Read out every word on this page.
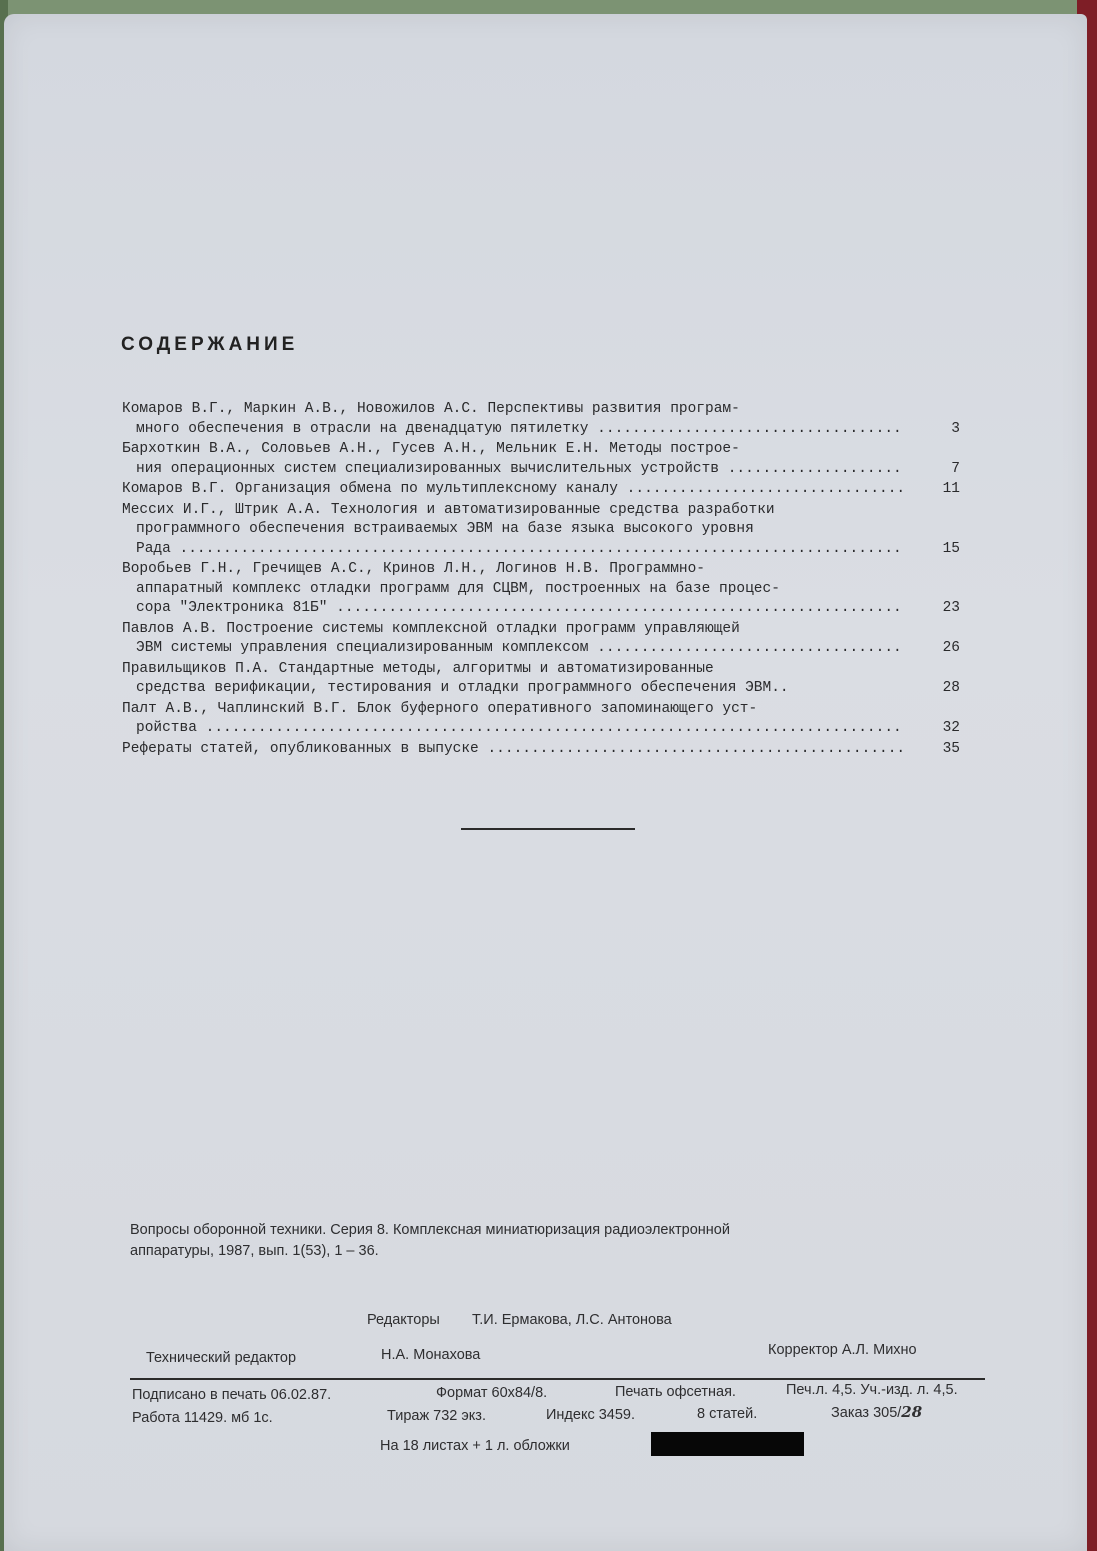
СОДЕРЖАНИЕ
Комаров В.Г., Маркин А.В., Новожилов А.С. Перспективы развития програм-
много обеспечения в отрасли на двенадцатую пятилетку .....	3
Бархоткин В.А., Соловьев А.Н., Гусев А.Н., Мельник Е.Н. Методы построе-
ния операционных систем специализированных вычислительных устройств .....	7
Комаров В.Г. Организация обмена по мультиплексному каналу .....	11
Мессих И.Г., Штрик А.А. Технология и автоматизированные средства разработки
программного обеспечения встраиваемых ЭВМ на базе языка высокого уровня
Рада .....	15
Воробьев Г.Н., Гречищев А.С., Кринов Л.Н., Логинов Н.В. Программно-
аппаратный комплекс отладки программ для СЦВМ, построенных на базе процес-
сора "Электроника 81Б" .....	23
Павлов А.В. Построение системы комплексной отладки программ управляющей
ЭВМ системы управления специализированным комплексом .....	26
Правильщиков П.А. Стандартные методы, алгоритмы и автоматизированные
средства верификации, тестирования и отладки программного обеспечения ЭВМ..	28
Палт А.В., Чаплинский В.Г. Блок буферного оперативного запоминающего уст-
ройства .....	32
Рефераты статей, опубликованных в выпуске .....	35
Вопросы оборонной техники. Серия 8. Комплексная миниатюризация радиоэлектронной
аппаратуры, 1987, вып. 1(53), 1 – 36.
Редакторы Т.И. Ермакова, Л.С. Антонова
Технический редактор	Н.А. Монахова	Корректор А.Л. Михно
Подписано в печать 06.02.87.	Формат 60х84/8.	Печать офсетная.	Печ.л. 4,5. Уч.-изд. л. 4,5.
Работа 11429. мб 1с.	Тираж 732 экз.	Индекс 3459.	8 статей.	Заказ 305/28
На 18 листах + 1 л. обложки
